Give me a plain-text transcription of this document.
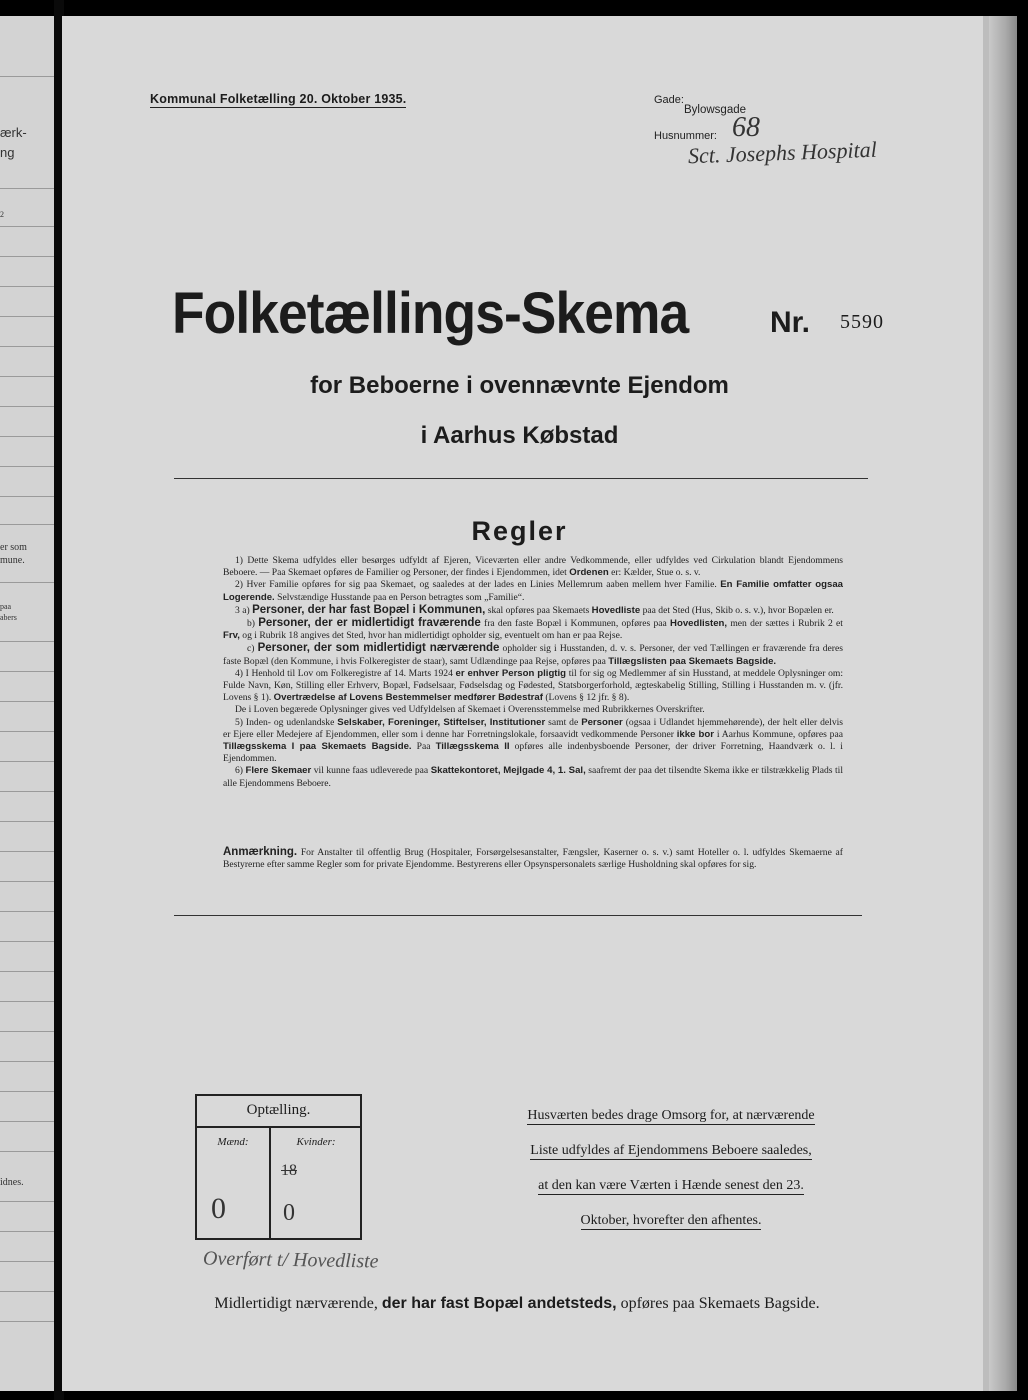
ærk-
ng
2
er som
mune.
paa
abers
idnes.
Kommunal Folketælling 20. Oktober 1935.	Gade:
Bylowsgade
Husnummer: 68
Sct. Josephs Hospital
Folketællings-Skema	Nr. 5590
for Beboerne i ovennævnte Ejendom
i Aarhus Købstad
Regler

1) Dette Skema udfyldes eller besørges udfyldt af Ejeren, Viceværten eller andre Vedkommende, eller udfyldes ved Cirkulation blandt Ejendommens Beboere. — Paa Skemaet opføres de Familier og Personer, der findes i Ejendommen, idet Ordenen er: Kælder, Stue o. s. v.

2) Hver Familie opføres for sig paa Skemaet, og saaledes at der lades en Linies Mellemrum aaben mellem hver Familie. En Familie omfatter ogsaa Logerende. Selvstændige Husstande paa en Person betragtes som „Familie“.

3 a) Personer, der har fast Bopæl i Kommunen, skal opføres paa Skemaets Hovedliste paa det Sted (Hus, Skib o. s. v.), hvor Bopælen er.

b) Personer, der er midlertidigt fraværende fra den faste Bopæl i Kommunen, opføres paa Hovedlisten, men der sættes i Rubrik 2 et Frv, og i Rubrik 18 angives det Sted, hvor han midlertidigt opholder sig, eventuelt om han er paa Rejse.

c) Personer, der som midlertidigt nærværende opholder sig i Husstanden, d. v. s. Personer, der ved Tællingen er fraværende fra deres faste Bopæl (den Kommune, i hvis Folkeregister de staar), samt Udlændinge paa Rejse, opføres paa Tillægslisten paa Skemaets Bagside.

4) I Henhold til Lov om Folkeregistre af 14. Marts 1924 er enhver Person pligtig til for sig og Medlemmer af sin Husstand, at meddele Oplysninger om: Fulde Navn, Køn, Stilling eller Erhverv, Bopæl, Fødselsaar, Fødselsdag og Fødested, Statsborgerforhold, ægteskabelig Stilling, Stilling i Husstanden m. v. (jfr. Lovens § 1). Overtrædelse af Lovens Bestemmelser medfører Bødestraf (Lovens § 12 jfr. § 8).

De i Loven begærede Oplysninger gives ved Udfyldelsen af Skemaet i Overensstemmelse med Rubrikkernes Overskrifter.

5) Inden- og udenlandske Selskaber, Foreninger, Stiftelser, Institutioner samt de Personer (ogsaa i Udlandet hjemmehørende), der helt eller delvis er Ejere eller Medejere af Ejendommen, eller som i denne har Forretningslokale, forsaavidt vedkommende Personer ikke bor i Aarhus Kommune, opføres paa Tillægsskema I paa Skemaets Bagside. Paa Tillægsskema II opføres alle indenbysboende Personer, der driver Forretning, Haandværk o. l. i Ejendommen.

6) Flere Skemaer vil kunne faas udleverede paa Skattekontoret, Mejlgade 4, 1. Sal, saafremt der paa det tilsendte Skema ikke er tilstrækkelig Plads til alle Ejendommens Beboere.

Anmærkning. For Anstalter til offentlig Brug (Hospitaler, Forsørgelsesanstalter, Fængsler, Kaserner o. s. v.) samt Hoteller o. l. udfyldes Skemaerne af Bestyrerne efter samme Regler som for private Ejendomme. Bestyrerens eller Opsynspersonalets særlige Husholdning skal opføres for sig.
Optælling.
Mænd:	Kvinder:
18
0 0
Husværten bedes drage Omsorg for, at nærværende
Liste udfyldes af Ejendommens Beboere saaledes,
at den kan være Værten i Hænde senest den 23.
Oktober, hvorefter den afhentes.
Overført t/ Hovedliste
Midlertidigt nærværende, der har fast Bopæl andetsteds, opføres paa Skemaets Bagside.
